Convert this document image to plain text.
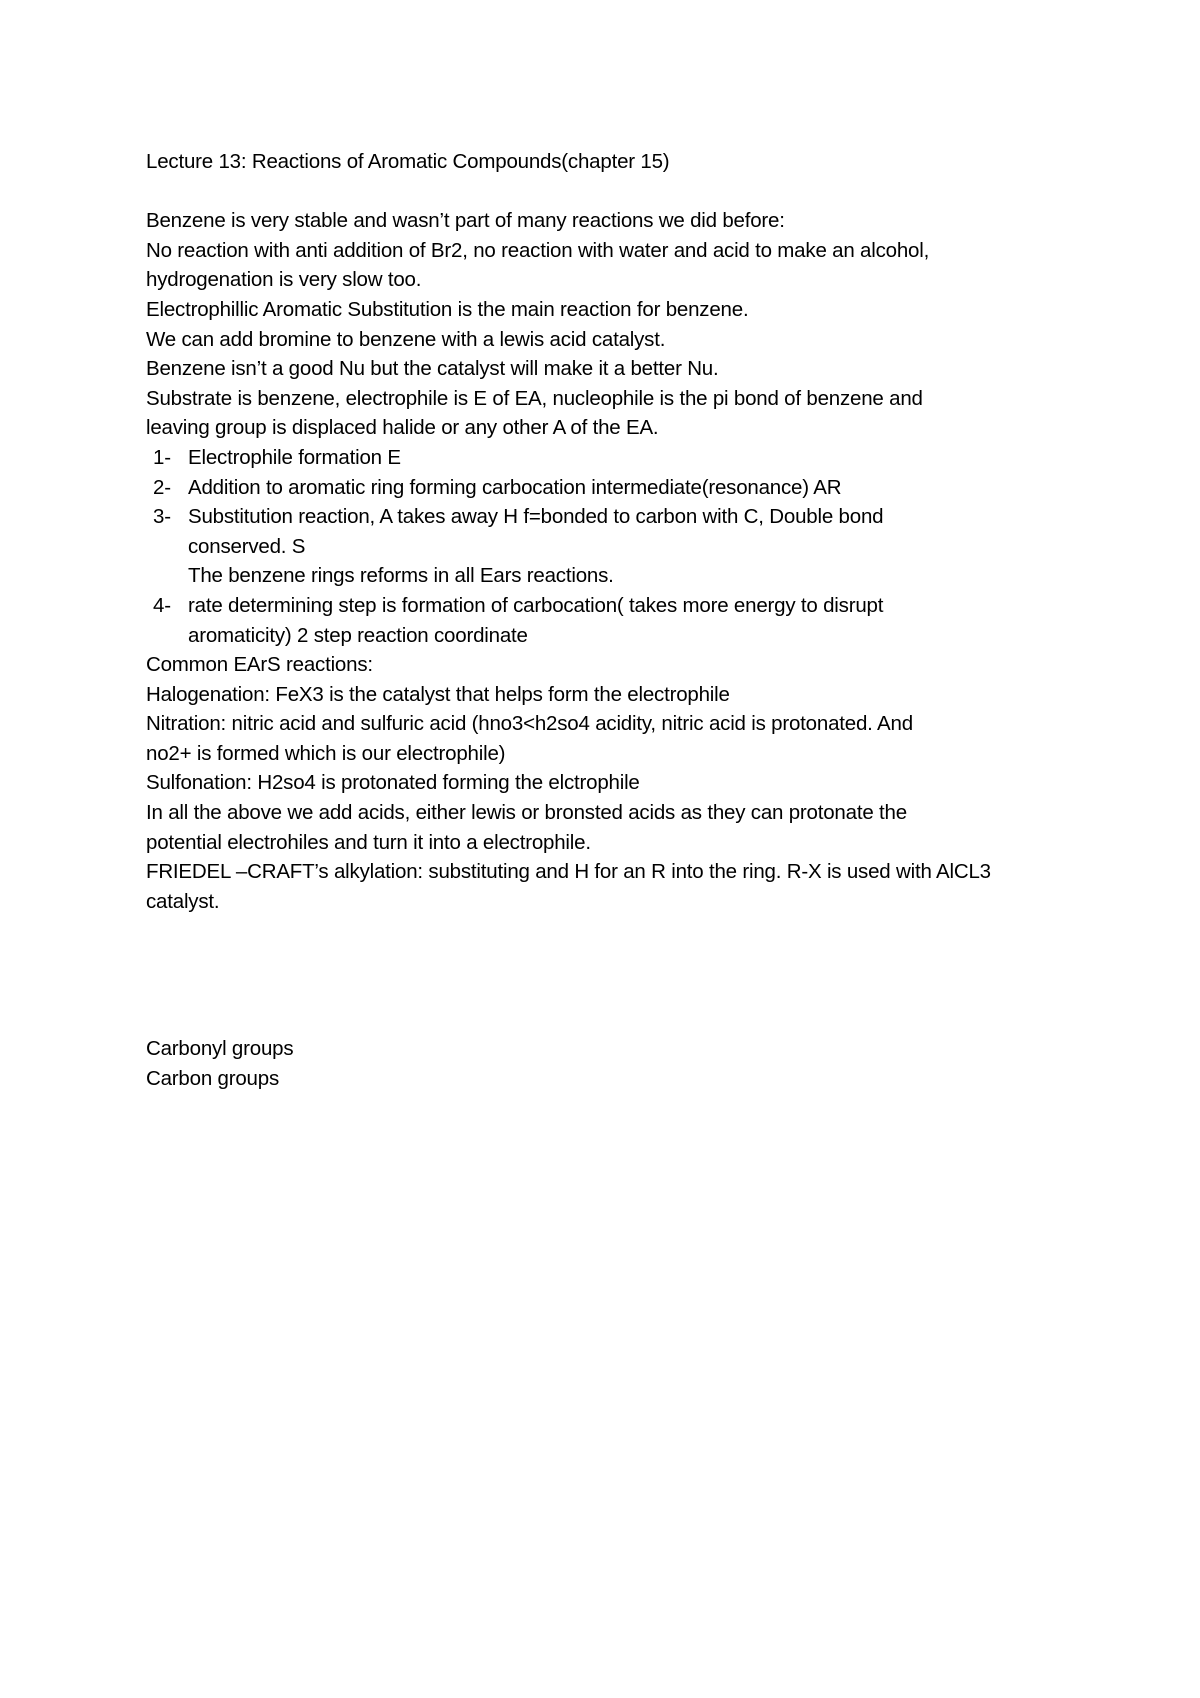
Lecture 13: Reactions of Aromatic Compounds(chapter 15)
Benzene is very stable and wasn’t part of many reactions we did before:
No reaction with anti addition of Br2, no reaction with water and acid to make an alcohol,
hydrogenation is very slow too.
Electrophillic Aromatic Substitution is the main reaction for benzene.
We can add bromine to benzene with a lewis acid catalyst.
Benzene isn’t a good Nu but the catalyst will make it a better Nu.
Substrate is benzene, electrophile is E of EA, nucleophile is the pi bond of benzene and
leaving group is displaced halide or any other A of the EA.
1- Electrophile formation E
2- Addition to aromatic ring forming carbocation intermediate(resonance) AR
3- Substitution reaction, A takes away H f=bonded to carbon with C, Double bond
conserved. S
The benzene rings reforms in all Ears reactions.
4- rate determining step is formation of carbocation( takes more energy to disrupt
aromaticity) 2 step reaction coordinate
Common EArS reactions:
Halogenation: FeX3 is the catalyst that helps form the electrophile
Nitration: nitric acid and sulfuric acid (hno3<h2so4 acidity, nitric acid is protonated. And
no2+ is formed which is our electrophile)
Sulfonation: H2so4 is protonated forming the elctrophile
In all the above we add acids, either lewis or bronsted acids as they can protonate the
potential electrohiles and turn it into a electrophile.
FRIEDEL –CRAFT’s alkylation: substituting and H for an R into the ring. R-X is used with AlCL3
catalyst.
Carbonyl groups
Carbon groups
